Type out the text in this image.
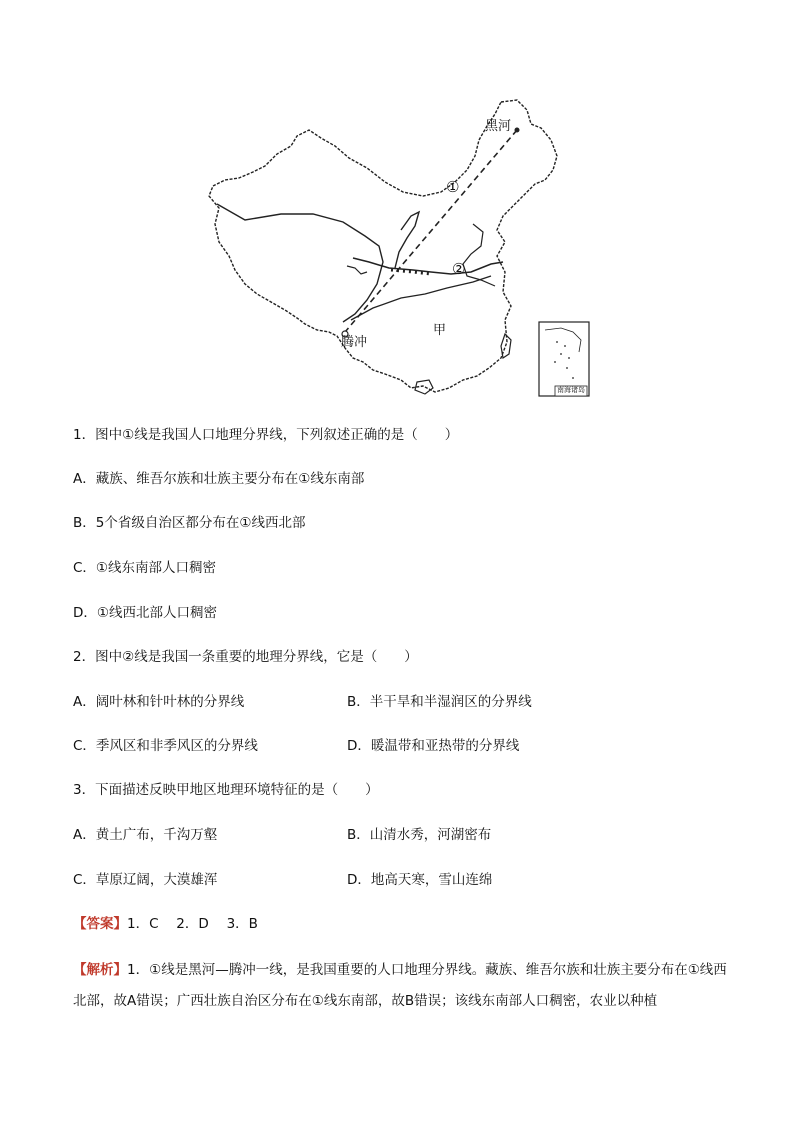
黑河
①
②
腾冲
甲
南海诸岛
1．图中①线是我国人口地理分界线，下列叙述正确的是（　　）
A．藏族、维吾尔族和壮族主要分布在①线东南部
B．5个省级自治区都分布在①线西北部
C．①线东南部人口稠密
D．①线西北部人口稠密
2．图中②线是我国一条重要的地理分界线，它是（　　）
A．阔叶林和针叶林的分界线	B．半干旱和半湿润区的分界线
C．季风区和非季风区的分界线	D．暖温带和亚热带的分界线
3．下面描述反映甲地区地理环境特征的是（　　）
A．黄土广布，千沟万壑	B．山清水秀，河湖密布
C．草原辽阔，大漠雄浑	D．地高天寒，雪山连绵
【答案】1．C　 2．D　 3．B
【解析】1．①线是黑河—腾冲一线，是我国重要的人口地理分界线。藏族、维吾尔族和壮族主要分布在①线西北部，故A错误；广西壮族自治区分布在①线东南部，故B错误；该线东南部人口稠密，农业以种植
